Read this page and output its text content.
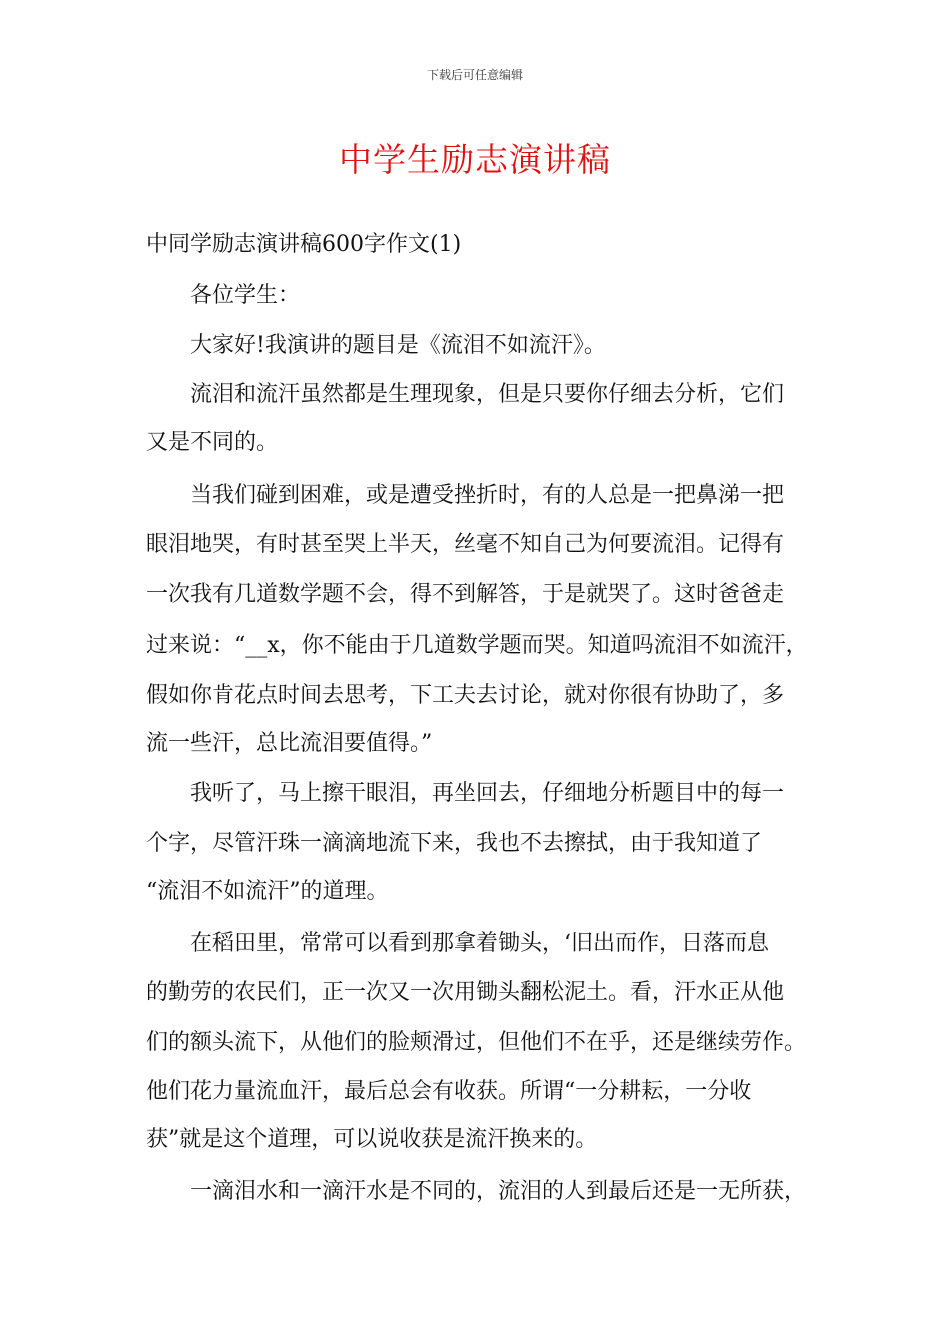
下载后可任意编辑
中学生励志演讲稿
中同学励志演讲稿600字作文(1)
各位学生：
大家好!我演讲的题目是《流泪不如流汗》。
流泪和流汗虽然都是生理现象，但是只要你仔细去分析，它们
又是不同的。
当我们碰到困难，或是遭受挫折时，有的人总是一把鼻涕一把
眼泪地哭，有时甚至哭上半天，丝毫不知自己为何要流泪。记得有
一次我有几道数学题不会，得不到解答，于是就哭了。这时爸爸走
过来说：“__x，你不能由于几道数学题而哭。知道吗流泪不如流汗，
假如你肯花点时间去思考，下工夫去讨论，就对你很有协助了，多
流一些汗，总比流泪要值得。”
我听了，马上擦干眼泪，再坐回去，仔细地分析题目中的每一
个字，尽管汗珠一滴滴地流下来，我也不去擦拭，由于我知道了
“流泪不如流汗”的道理。
在稻田里，常常可以看到那拿着锄头，‘旧出而作，日落而息
的勤劳的农民们，正一次又一次用锄头翻松泥土。看，汗水正从他
们的额头流下，从他们的脸颊滑过，但他们不在乎，还是继续劳作。
他们花力量流血汗，最后总会有收获。所谓“一分耕耘，一分收
获”就是这个道理，可以说收获是流汗换来的。
一滴泪水和一滴汗水是不同的，流泪的人到最后还是一无所获，
